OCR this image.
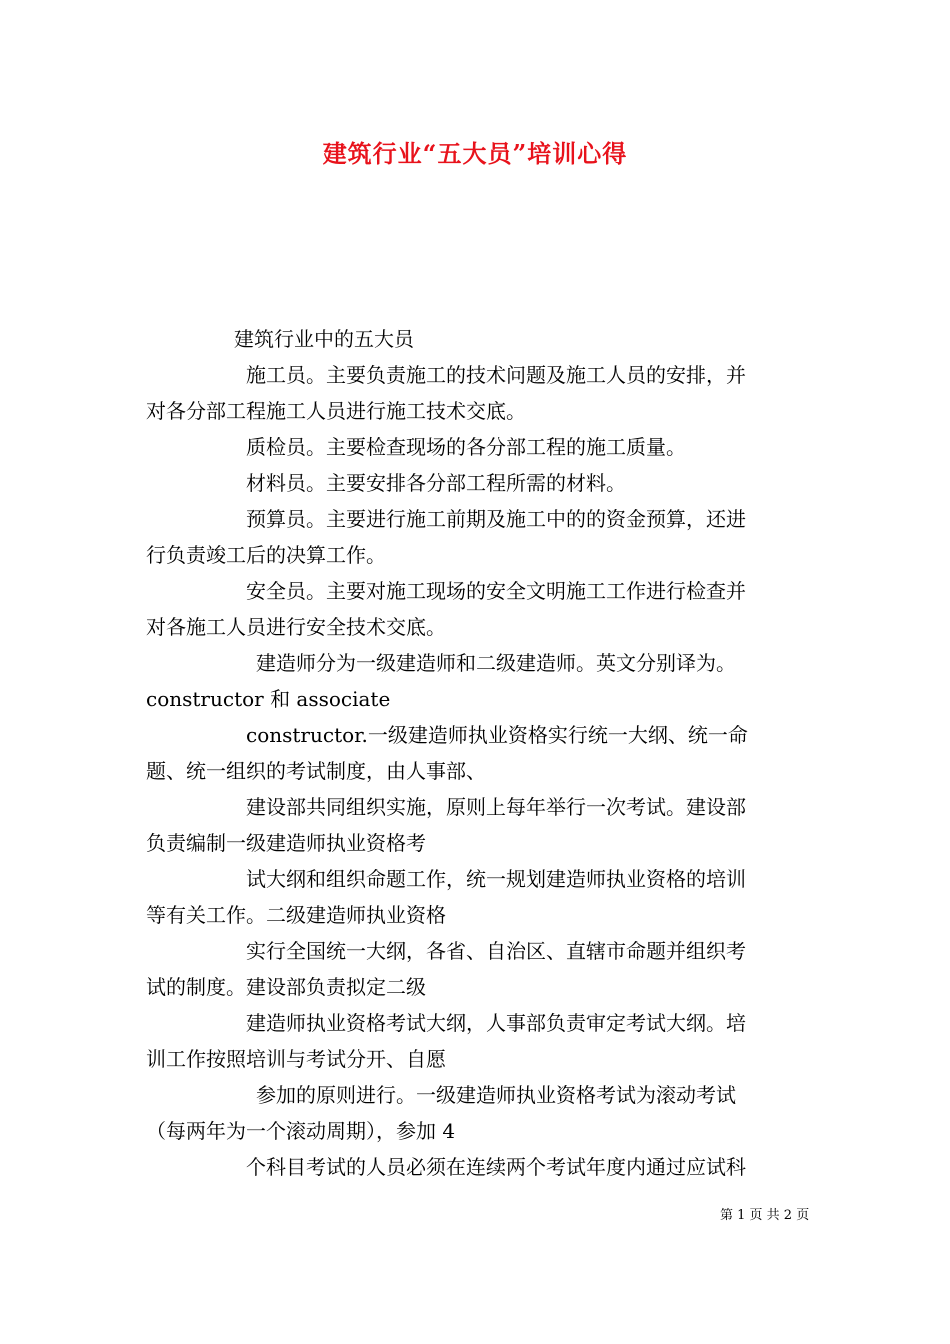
建筑行业“五大员”培训心得
建筑行业中的五大员
施工员。主要负责施工的技术问题及施工人员的安排，并
对各分部工程施工人员进行施工技术交底。
质检员。主要检查现场的各分部工程的施工质量。
材料员。主要安排各分部工程所需的材料。
预算员。主要进行施工前期及施工中的的资金预算，还进
行负责竣工后的决算工作。
安全员。主要对施工现场的安全文明施工工作进行检查并
对各施工人员进行安全技术交底。
建造师分为一级建造师和二级建造师。英文分别译为。
constructor 和 associate
constructor.一级建造师执业资格实行统一大纲、统一命
题、统一组织的考试制度，由人事部、
建设部共同组织实施，原则上每年举行一次考试。建设部
负责编制一级建造师执业资格考
试大纲和组织命题工作，统一规划建造师执业资格的培训
等有关工作。二级建造师执业资格
实行全国统一大纲，各省、自治区、直辖市命题并组织考
试的制度。建设部负责拟定二级
建造师执业资格考试大纲，人事部负责审定考试大纲。培
训工作按照培训与考试分开、自愿
参加的原则进行。一级建造师执业资格考试为滚动考试
（每两年为一个滚动周期），参加 4
个科目考试的人员必须在连续两个考试年度内通过应试科
第 1 页 共 2 页
